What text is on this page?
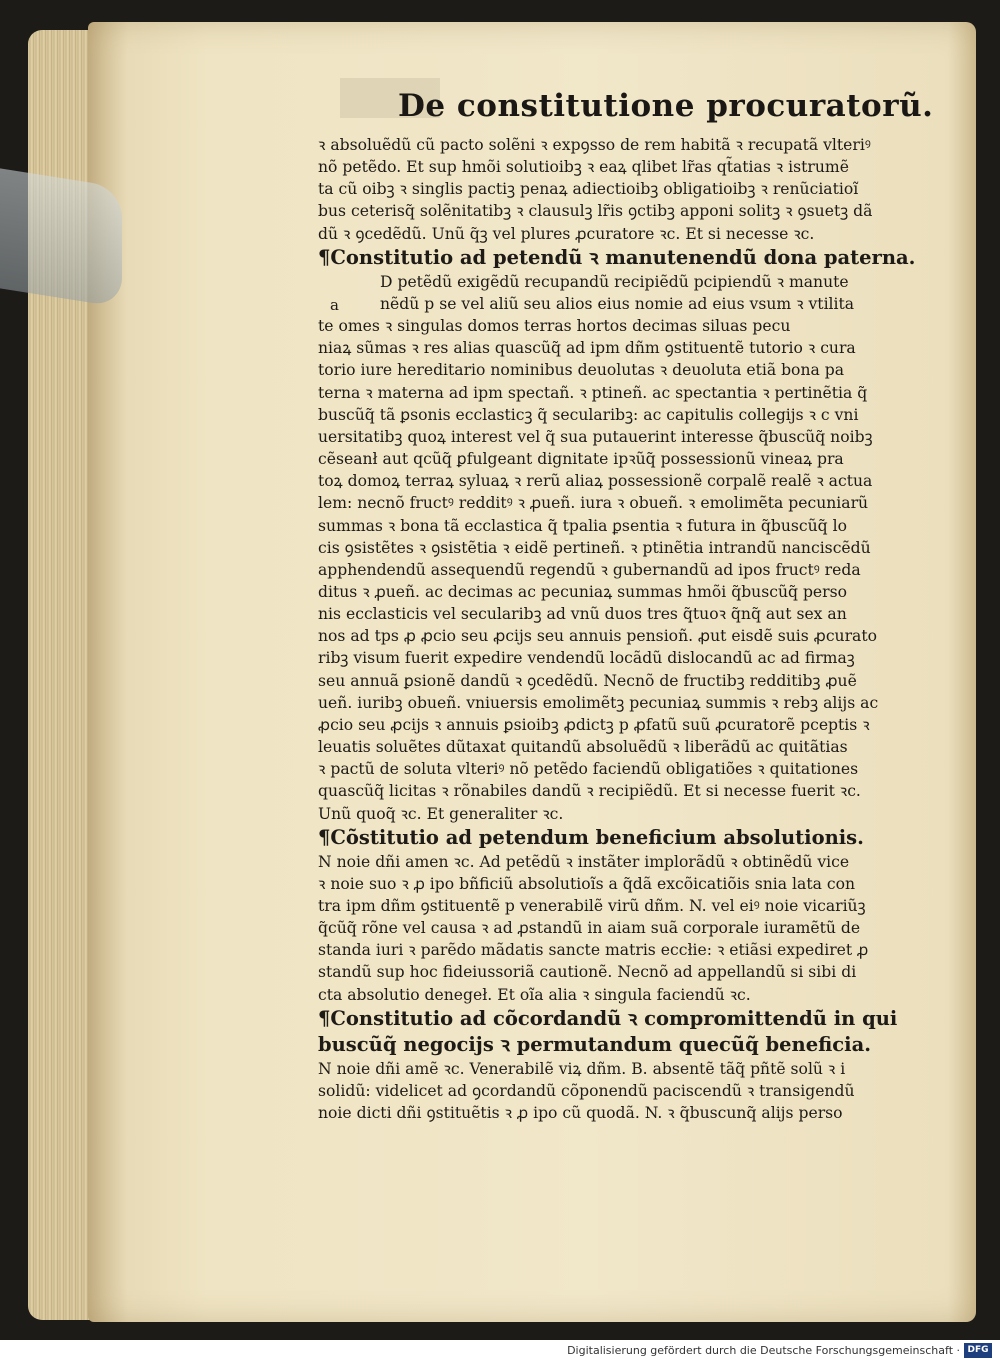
De constitutione procuratorũ.
a
ꝛ absoluẽdũ cũ pacto solẽni ꝛ expꝯsso de rem habitã ꝛ recupatã vlteriꝰ
nõ petẽdo. Et sup hmõi solutioibꝫ ꝛ eaꝝ qlibet lr̃as qt̃atias ꝛ istrumẽ
ta cũ oibꝫ ꝛ singlis pactiꝫ penaꝝ adiectioibꝫ obligatioibꝫ ꝛ renũciatioĩ
bus ceterisq̃ solẽnitatibꝫ ꝛ clausulꝫ lr̃is ꝯctibꝫ apponi solitꝫ ꝛ ꝯsuetꝫ dã
dũ ꝛ ꝯcedẽdũ. Unũ q̃ꝫ vel plures ꝓcuratore ꝛc. Et si necesse ꝛc.
¶Constitutio ad petendũ ꝛ manutenendũ dona paterna.
D petẽdũ exigẽdũ recupandũ recipiẽdũ pcipiendũ ꝛ manute
nẽdũ p se vel aliũ seu alios eius nomie ad eius vsum ꝛ vtilita
te omes ꝛ singulas domos terras hortos decimas siluas pecu
niaꝝ sũmas ꝛ res alias quascũq̃ ad ipm dñm ꝯstituentẽ tutorio ꝛ cura
torio iure hereditario nominibus deuolutas ꝛ deuoluta etiã bona pa
terna ꝛ materna ad ipm spectañ. ꝛ ptineñ. ac spectantia ꝛ pertinẽtia q̃
buscũq̃ tã ꝑsonis ecclasticꝫ q̃ secularibꝫ: ac capitulis collegijs ꝛ c vni
uersitatibꝫ quoꝝ interest vel q̃ sua putauerint interesse q̃buscũq̃ noibꝫ
cẽseanł aut qcũq̃ ꝑfulgeant dignitate ipꝛũq̃ possessionũ vineaꝝ pra
toꝝ domoꝝ terraꝝ syluaꝝ ꝛ rerũ aliaꝝ possessionẽ corpalẽ realẽ ꝛ actua
lem: necnõ fructꝰ redditꝰ ꝛ ꝓueñ. iura ꝛ obueñ. ꝛ emolimẽta pecuniarũ
summas ꝛ bona tã ecclastica q̃ tpalia ꝑsentia ꝛ futura in q̃buscũq̃ lo
cis ꝯsistẽtes ꝛ ꝯsistẽtia ꝛ eidẽ pertineñ. ꝛ ptinẽtia intrandũ nanciscẽdũ
apphendendũ assequendũ regendũ ꝛ gubernandũ ad ipos fructꝰ reda
ditus ꝛ ꝓueñ. ac decimas ac pecuniaꝝ summas hmõi q̃buscũq̃ perso
nis ecclasticis vel secularibꝫ ad vnũ duos tres q̃tuoꝛ q̃nq̃ aut sex an
nos ad tps ꝓ ꝓcio seu ꝓcijs seu annuis pensioñ. ꝓut eisdẽ suis ꝓcurato
ribꝫ visum fuerit expedire vendendũ locãdũ dislocandũ ac ad firmaꝫ
seu annuã ꝑsionẽ dandũ ꝛ ꝯcedẽdũ. Necnõ de fructibꝫ redditibꝫ ꝓuẽ
ueñ. iuribꝫ obueñ. vniuersis emolimẽtꝫ pecuniaꝝ summis ꝛ rebꝫ alijs ac
ꝓcio seu ꝓcijs ꝛ annuis ꝑsioibꝫ ꝓdictꝫ p ꝓfatũ suũ ꝓcuratorẽ pceptis ꝛ
leuatis soluẽtes dũtaxat quitandũ absoluẽdũ ꝛ liberãdũ ac quitãtias
ꝛ pactũ de soluta vlteriꝰ nõ petẽdo faciendũ obligatiões ꝛ quitationes
quascũq̃ licitas ꝛ rõnabiles dandũ ꝛ recipiẽdũ. Et si necesse fuerit ꝛc.
Unũ quoq̃ ꝛc. Et generaliter ꝛc.
¶Cõstitutio ad petendum beneficium absolutionis.
N noie dñi amen ꝛc. Ad petẽdũ ꝛ instãter implorãdũ ꝛ obtinẽdũ vice
ꝛ noie suo ꝛ ꝓ ipo bñficiũ absolutioĩs a q̃dã excõicatiõis snia lata con
tra ipm dñm ꝯstituentẽ p venerabilẽ virũ dñm. N. vel eiꝰ noie vicariũꝫ
q̃cũq̃ rõne vel causa ꝛ ad ꝓstandũ in aiam suã corporale iuramẽtũ de
standa iuri ꝛ parẽdo mãdatis sancte matris eccłie: ꝛ etiãsi expediret ꝓ
standũ sup hoc fideiussoriã cautionẽ. Necnõ ad appellandũ si sibi di
cta absolutio denegeł. Et oĩa alia ꝛ singula faciendũ ꝛc.
¶Constitutio ad cõcordandũ ꝛ compromittendũ in qui
buscũq̃ negocijs ꝛ permutandum quecũq̃ beneficia.
N noie dñi amẽ ꝛc. Venerabilẽ viꝝ dñm. B. absentẽ tãq̃ pñtẽ solũ ꝛ i
solidũ: videlicet ad ꝯcordandũ cõponendũ paciscendũ ꝛ transigendũ
noie dicti dñi ꝯstituẽtis ꝛ ꝓ ipo cũ quodã. N. ꝛ q̃buscunq̃ alijs perso
Digitalisierung gefördert durch die Deutsche Forschungsgemeinschaft · DFG
